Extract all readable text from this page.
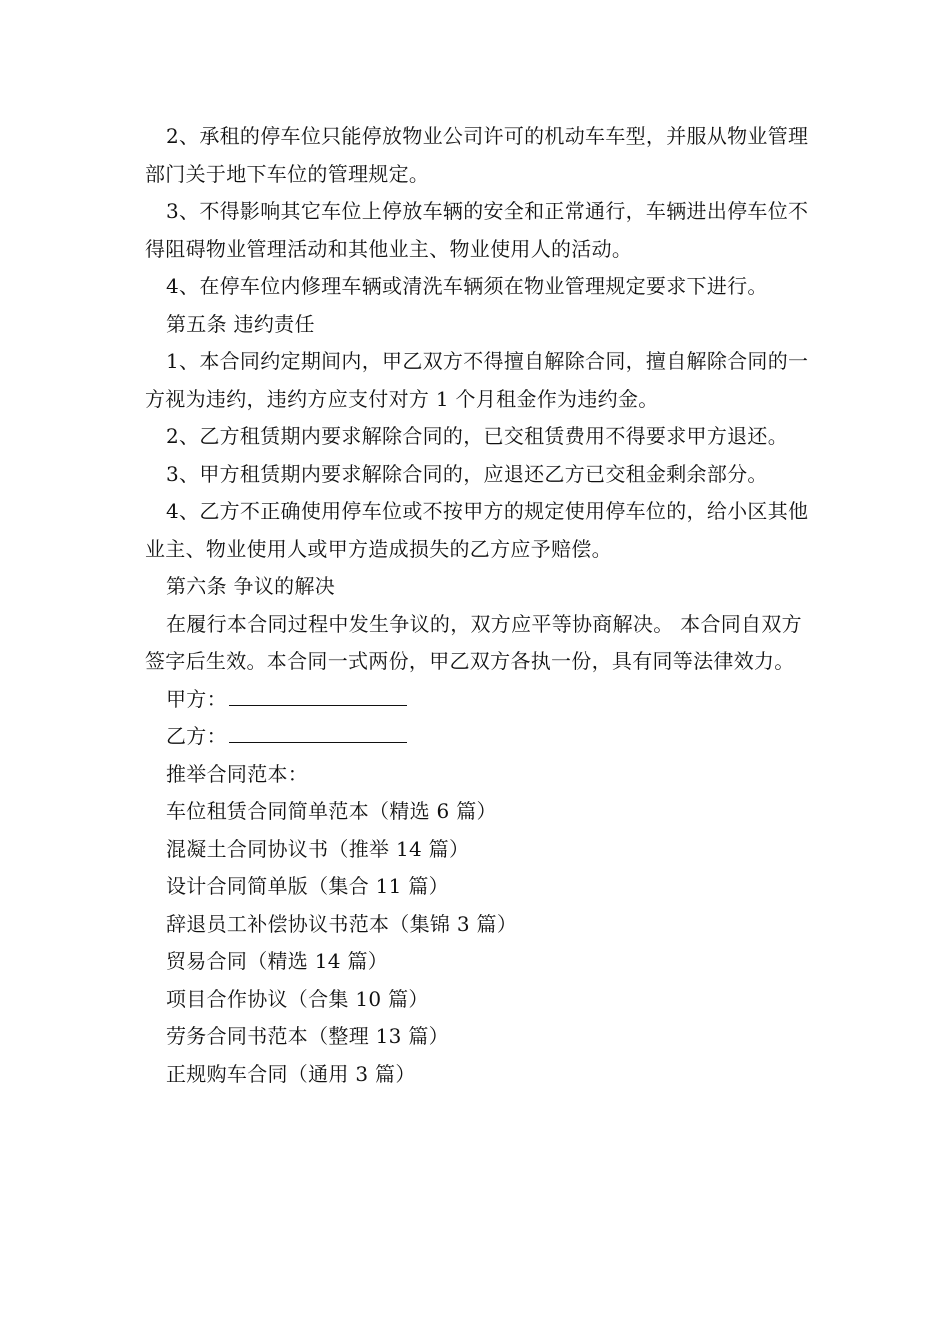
2、承租的停车位只能停放物业公司许可的机动车车型，并服从物业管理部门关于地下车位的管理规定。

3、不得影响其它车位上停放车辆的安全和正常通行，车辆进出停车位不得阻碍物业管理活动和其他业主、物业使用人的活动。

4、在停车位内修理车辆或清洗车辆须在物业管理规定要求下进行。

第五条 违约责任

1、本合同约定期间内，甲乙双方不得擅自解除合同，擅自解除合同的一方视为违约，违约方应支付对方 1 个月租金作为违约金。

2、乙方租赁期内要求解除合同的，已交租赁费用不得要求甲方退还。

3、甲方租赁期内要求解除合同的，应退还乙方已交租金剩余部分。

4、乙方不正确使用停车位或不按甲方的规定使用停车位的，给小区其他业主、物业使用人或甲方造成损失的乙方应予赔偿。

第六条 争议的解决

在履行本合同过程中发生争议的，双方应平等协商解决。 本合同自双方签字后生效。本合同一式两份，甲乙双方各执一份，具有同等法律效力。

甲方：

乙方：

推举合同范本：

车位租赁合同简单范本（精选 6 篇）

混凝土合同协议书（推举 14 篇）

设计合同简单版（集合 11 篇）

辞退员工补偿协议书范本（集锦 3 篇）

贸易合同（精选 14 篇）

项目合作协议（合集 10 篇）

劳务合同书范本（整理 13 篇）

正规购车合同（通用 3 篇）
